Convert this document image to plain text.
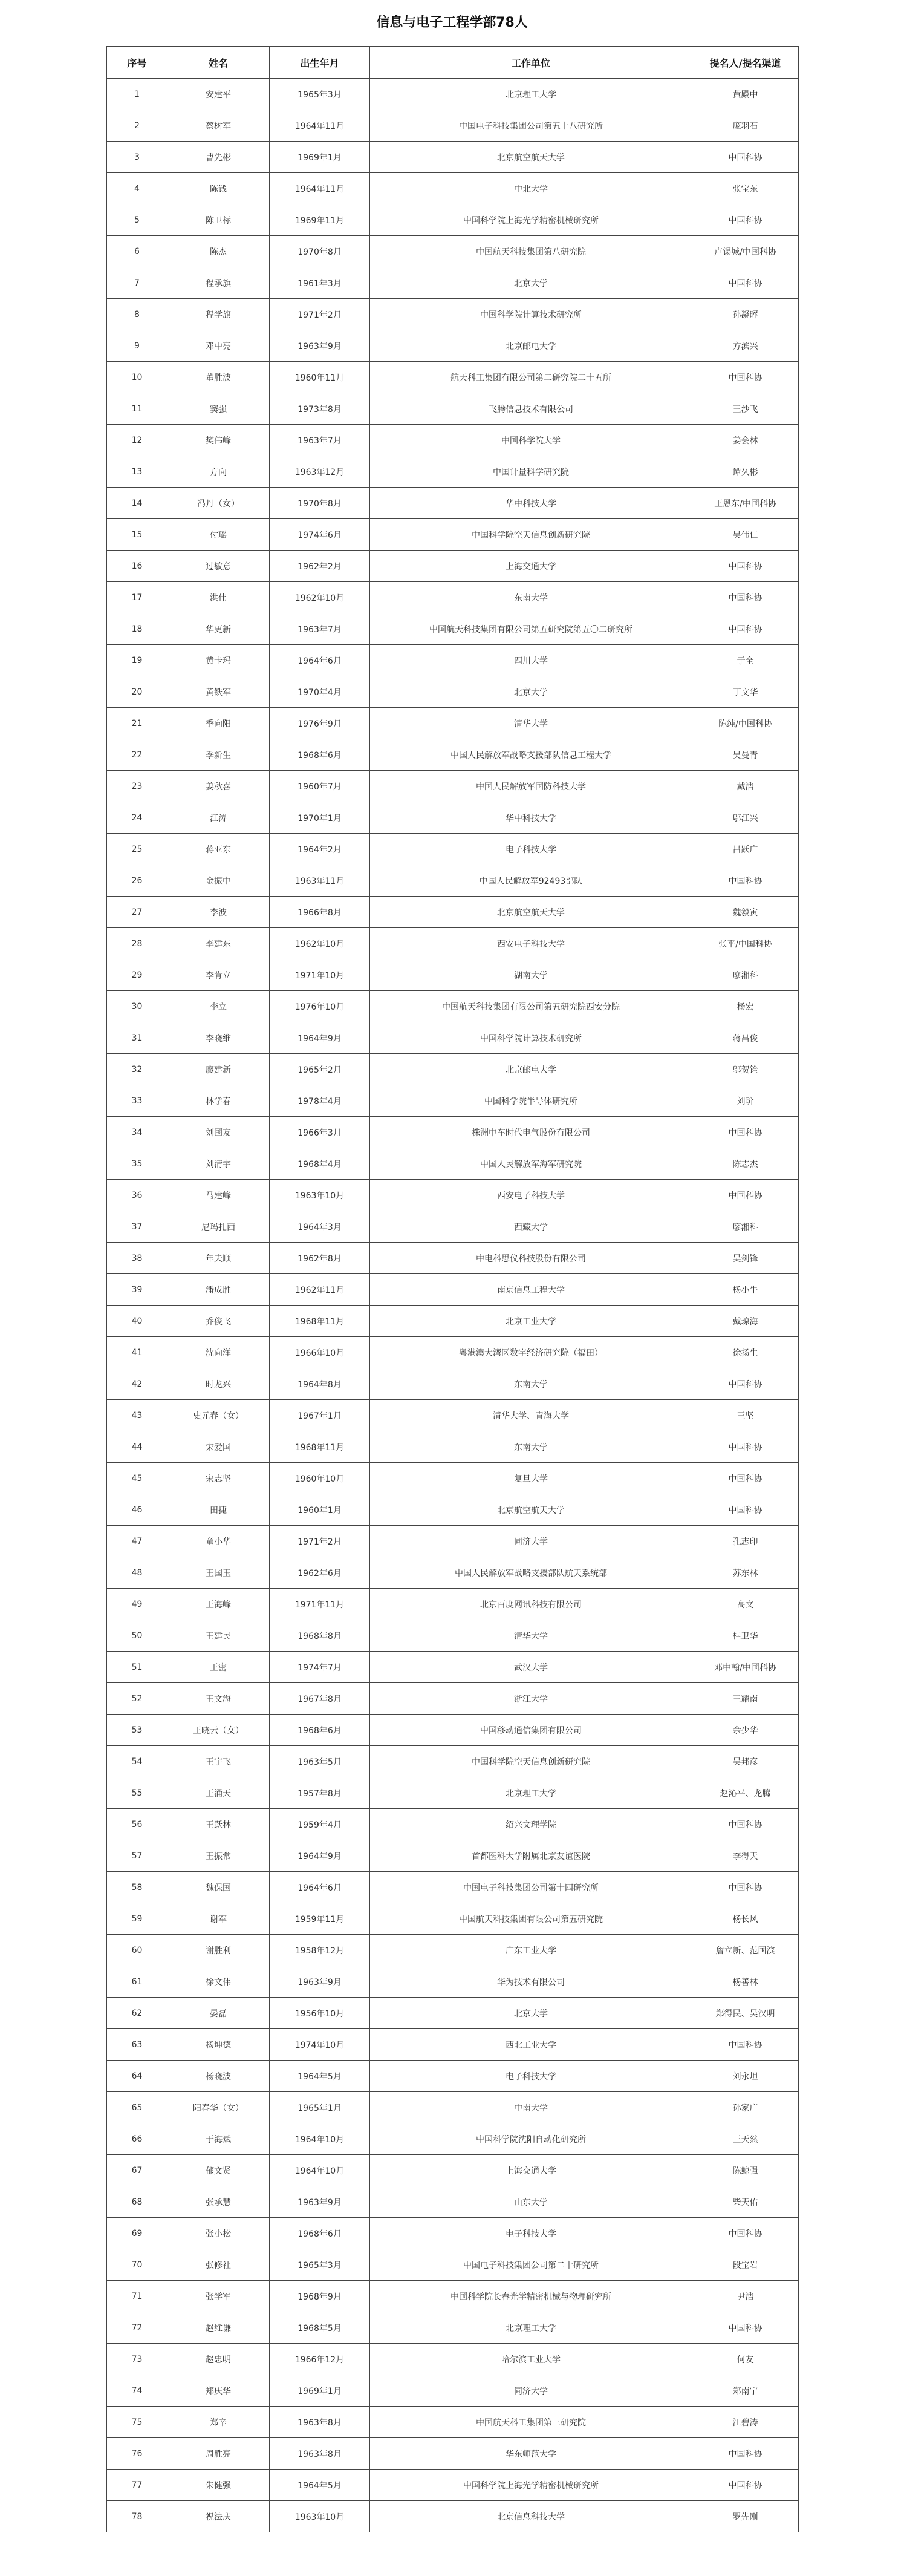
信息与电子工程学部78人
序号	姓名	出生年月	工作单位	提名人/提名渠道
1	安建平	1965年3月	北京理工大学	黄殿中
2	蔡树军	1964年11月	中国电子科技集团公司第五十八研究所	庞羽石
3	曹先彬	1969年1月	北京航空航天大学	中国科协
4	陈钱	1964年11月	中北大学	张宝东
5	陈卫标	1969年11月	中国科学院上海光学精密机械研究所	中国科协
6	陈杰	1970年8月	中国航天科技集团第八研究院	卢锡城/中国科协
7	程承旗	1961年3月	北京大学	中国科协
8	程学旗	1971年2月	中国科学院计算技术研究所	孙凝晖
9	邓中亮	1963年9月	北京邮电大学	方滨兴
10	董胜波	1960年11月	航天科工集团有限公司第二研究院二十五所	中国科协
11	窦强	1973年8月	飞腾信息技术有限公司	王沙飞
12	樊伟峰	1963年7月	中国科学院大学	姜会林
13	方向	1963年12月	中国计量科学研究院	谭久彬
14	冯丹（女）	1970年8月	华中科技大学	王恩东/中国科协
15	付瑶	1974年6月	中国科学院空天信息创新研究院	吴伟仁
16	过敏意	1962年2月	上海交通大学	中国科协
17	洪伟	1962年10月	东南大学	中国科协
18	华更新	1963年7月	中国航天科技集团有限公司第五研究院第五〇二研究所	中国科协
19	黄卡玛	1964年6月	四川大学	于全
20	黄铁军	1970年4月	北京大学	丁文华
21	季向阳	1976年9月	清华大学	陈纯/中国科协
22	季新生	1968年6月	中国人民解放军战略支援部队信息工程大学	吴曼青
23	姜秋喜	1960年7月	中国人民解放军国防科技大学	戴浩
24	江涛	1970年1月	华中科技大学	邬江兴
25	蒋亚东	1964年2月	电子科技大学	吕跃广
26	金振中	1963年11月	中国人民解放军92493部队	中国科协
27	李波	1966年8月	北京航空航天大学	魏毅寅
28	李建东	1962年10月	西安电子科技大学	张平/中国科协
29	李肯立	1971年10月	湖南大学	廖湘科
30	李立	1976年10月	中国航天科技集团有限公司第五研究院西安分院	杨宏
31	李晓维	1964年9月	中国科学院计算技术研究所	蒋昌俊
32	廖建新	1965年2月	北京邮电大学	邬贺铨
33	林学春	1978年4月	中国科学院半导体研究所	刘玠
34	刘国友	1966年3月	株洲中车时代电气股份有限公司	中国科协
35	刘清宇	1968年4月	中国人民解放军海军研究院	陈志杰
36	马建峰	1963年10月	西安电子科技大学	中国科协
37	尼玛扎西	1964年3月	西藏大学	廖湘科
38	年夫顺	1962年8月	中电科思仪科技股份有限公司	吴剑锋
39	潘成胜	1962年11月	南京信息工程大学	杨小牛
40	乔俊飞	1968年11月	北京工业大学	戴琼海
41	沈向洋	1966年10月	粤港澳大湾区数字经济研究院（福田）	徐扬生
42	时龙兴	1964年8月	东南大学	中国科协
43	史元春（女）	1967年1月	清华大学、青海大学	王坚
44	宋爱国	1968年11月	东南大学	中国科协
45	宋志坚	1960年10月	复旦大学	中国科协
46	田捷	1960年1月	北京航空航天大学	中国科协
47	童小华	1971年2月	同济大学	孔志印
48	王国玉	1962年6月	中国人民解放军战略支援部队航天系统部	苏东林
49	王海峰	1971年11月	北京百度网讯科技有限公司	高文
50	王建民	1968年8月	清华大学	桂卫华
51	王密	1974年7月	武汉大学	邓中翰/中国科协
52	王文海	1967年8月	浙江大学	王耀南
53	王晓云（女）	1968年6月	中国移动通信集团有限公司	余少华
54	王宇飞	1963年5月	中国科学院空天信息创新研究院	吴邦彦
55	王涌天	1957年8月	北京理工大学	赵沁平、龙腾
56	王跃林	1959年4月	绍兴文理学院	中国科协
57	王振常	1964年9月	首都医科大学附属北京友谊医院	李得天
58	魏保国	1964年6月	中国电子科技集团公司第十四研究所	中国科协
59	谢军	1959年11月	中国航天科技集团有限公司第五研究院	杨长风
60	谢胜利	1958年12月	广东工业大学	詹立新、范国滨
61	徐文伟	1963年9月	华为技术有限公司	杨善林
62	晏磊	1956年10月	北京大学	郑得民、吴汉明
63	杨坤德	1974年10月	西北工业大学	中国科协
64	杨晓波	1964年5月	电子科技大学	刘永坦
65	阳春华（女）	1965年1月	中南大学	孙家广
66	于海斌	1964年10月	中国科学院沈阳自动化研究所	王天然
67	郁文贤	1964年10月	上海交通大学	陈鲸强
68	张承慧	1963年9月	山东大学	柴天佑
69	张小松	1968年6月	电子科技大学	中国科协
70	张修社	1965年3月	中国电子科技集团公司第二十研究所	段宝岩
71	张学军	1968年9月	中国科学院长春光学精密机械与物理研究所	尹浩
72	赵维谦	1968年5月	北京理工大学	中国科协
73	赵忠明	1966年12月	哈尔滨工业大学	何友
74	郑庆华	1969年1月	同济大学	郑南宁
75	郑辛	1963年8月	中国航天科工集团第三研究院	江碧涛
76	周胜亮	1963年8月	华东师范大学	中国科协
77	朱健强	1964年5月	中国科学院上海光学精密机械研究所	中国科协
78	祝法庆	1963年10月	北京信息科技大学	罗先刚
